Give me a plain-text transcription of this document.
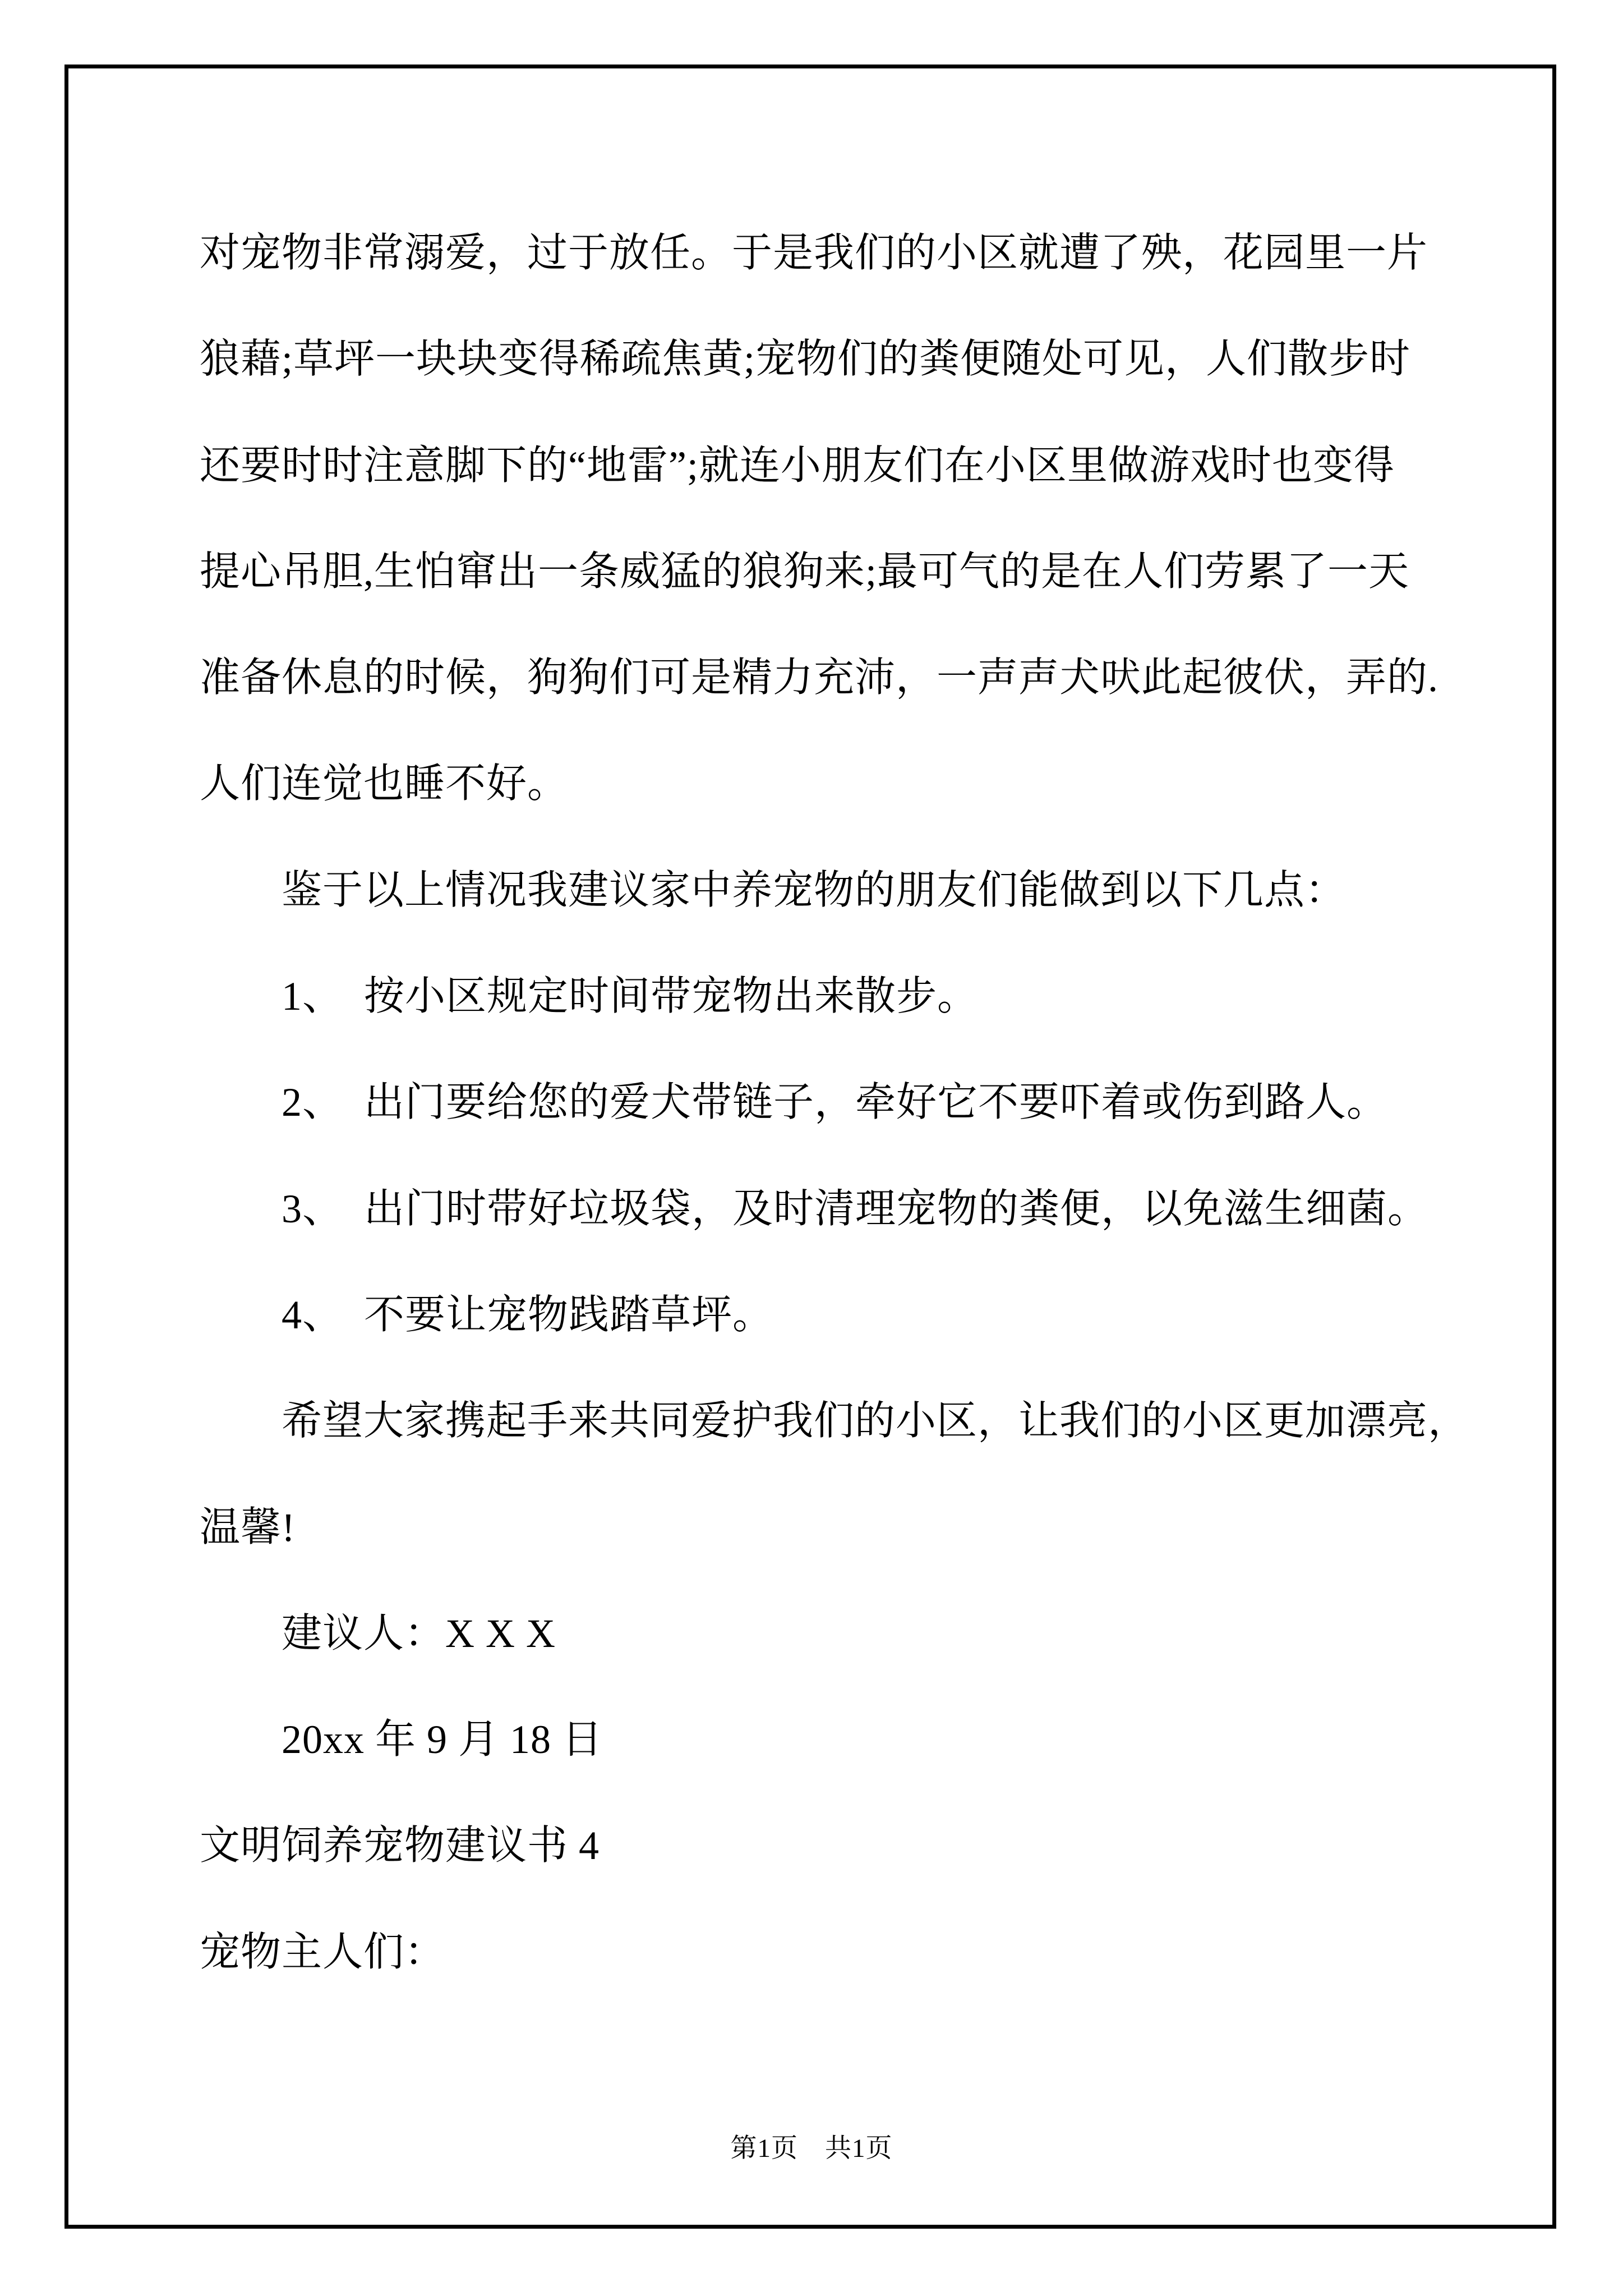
对宠物非常溺爱，过于放任。于是我们的小区就遭了殃，花园里一片
狼藉;草坪一块块变得稀疏焦黄;宠物们的粪便随处可见，人们散步时
还要时时注意脚下的“地雷”;就连小朋友们在小区里做游戏时也变得
提心吊胆,生怕窜出一条威猛的狼狗来;最可气的是在人们劳累了一天
准备休息的时候，狗狗们可是精力充沛，一声声犬吠此起彼伏，弄的.
人们连觉也睡不好。
鉴于以上情况我建议家中养宠物的朋友们能做到以下几点：
1、　按小区规定时间带宠物出来散步。
2、　出门要给您的爱犬带链子，牵好它不要吓着或伤到路人。
3、　出门时带好垃圾袋，及时清理宠物的粪便，以免滋生细菌。
4、　不要让宠物践踏草坪。
希望大家携起手来共同爱护我们的小区，让我们的小区更加漂亮，
温馨!
建议人：X X X
20xx 年 9 月 18 日
文明饲养宠物建议书 4
宠物主人们：
第1页　共1页
